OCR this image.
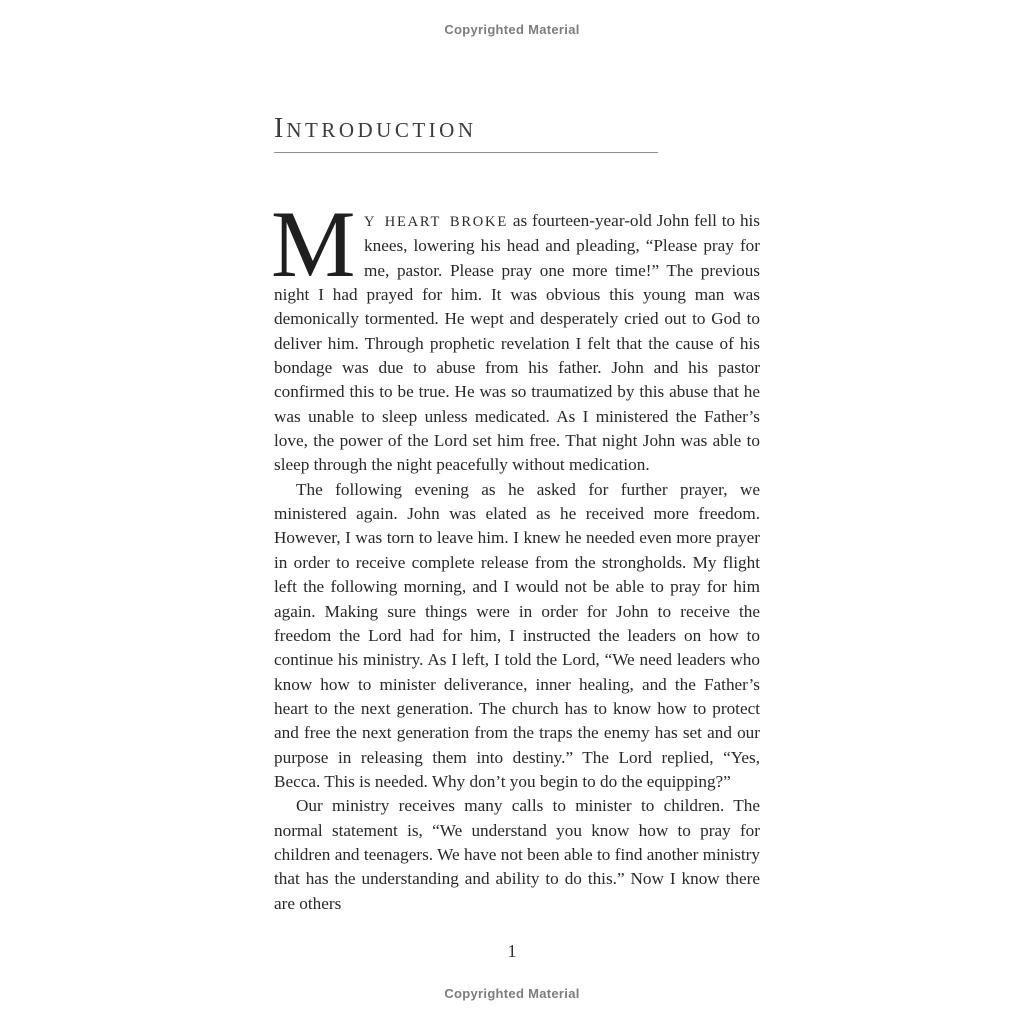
Copyrighted Material
INTRODUCTION
M Y HEART BROKE as fourteen-year-old John fell to his knees, lowering his head and pleading, “Please pray for me, pastor. Please pray one more time!” The previous night I had prayed for him. It was obvious this young man was demonically tormented. He wept and desperately cried out to God to deliver him. Through prophetic revelation I felt that the cause of his bondage was due to abuse from his father. John and his pastor confirmed this to be true. He was so traumatized by this abuse that he was unable to sleep unless medicated. As I ministered the Father’s love, the power of the Lord set him free. That night John was able to sleep through the night peacefully without medication.

The following evening as he asked for further prayer, we ministered again. John was elated as he received more freedom. However, I was torn to leave him. I knew he needed even more prayer in order to receive complete release from the strongholds. My flight left the following morning, and I would not be able to pray for him again. Making sure things were in order for John to receive the freedom the Lord had for him, I instructed the leaders on how to continue his ministry. As I left, I told the Lord, “We need leaders who know how to minister deliverance, inner healing, and the Father’s heart to the next generation. The church has to know how to protect and free the next generation from the traps the enemy has set and our purpose in releasing them into destiny.” The Lord replied, “Yes, Becca. This is needed. Why don’t you begin to do the equipping?”

Our ministry receives many calls to minister to children. The normal statement is, “We understand you know how to pray for children and teenagers. We have not been able to find another ministry that has the understanding and ability to do this.” Now I know there are others

1
Copyrighted Material
